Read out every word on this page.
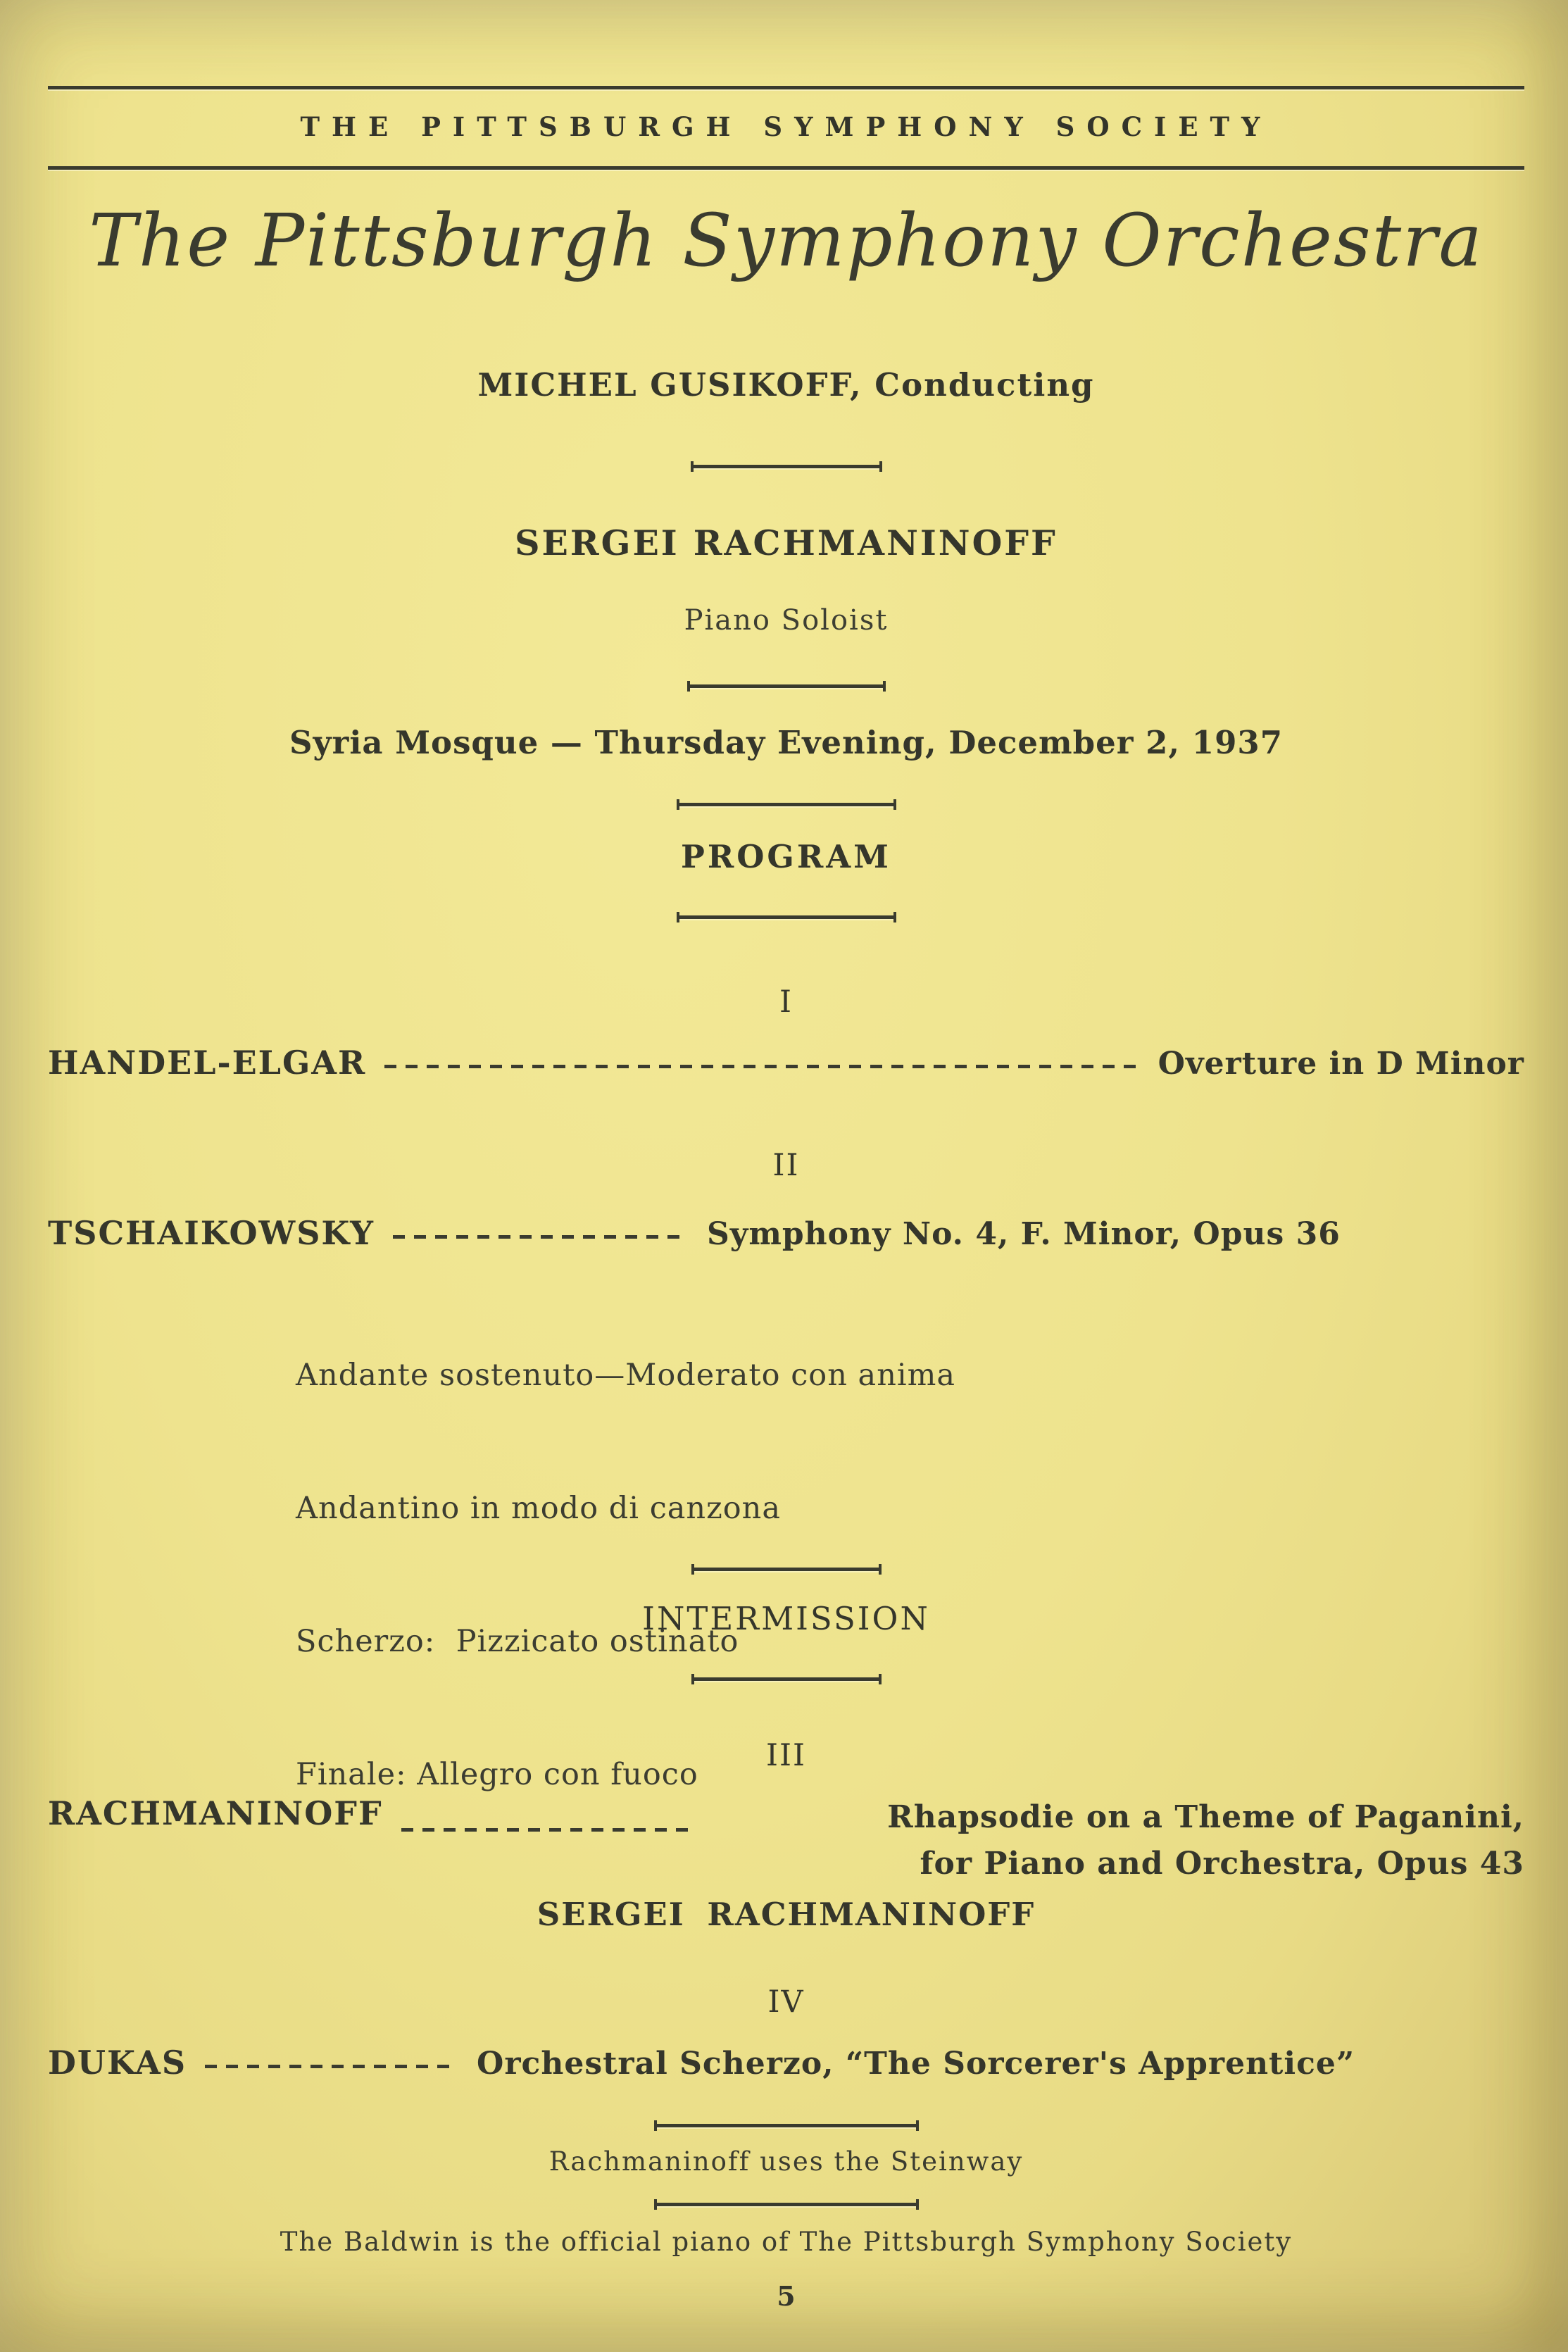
THE PITTSBURGH SYMPHONY SOCIETY
The Pittsburgh Symphony Orchestra
MICHEL GUSIKOFF, Conducting
SERGEI RACHMANINOFF
Piano Soloist
Syria Mosque — Thursday Evening, December 2, 1937
PROGRAM
I
HANDEL-ELGAR	Overture in D Minor
II
TSCHAIKOWSKY	Symphony No. 4, F. Minor, Opus 36

Andante sostenuto—Moderato con anima

Andantino in modo di canzona

Scherzo:  Pizzicato ostinato

Finale: Allegro con fuoco

INTERMISSION
III
RACHMANINOFF	Rhapsodie on a Theme of Paganini,
for Piano and Orchestra, Opus 43
SERGEI RACHMANINOFF
IV
DUKAS	Orchestral Scherzo, “The Sorcerer's Apprentice”
Rachmaninoff uses the Steinway
The Baldwin is the official piano of The Pittsburgh Symphony Society
5
